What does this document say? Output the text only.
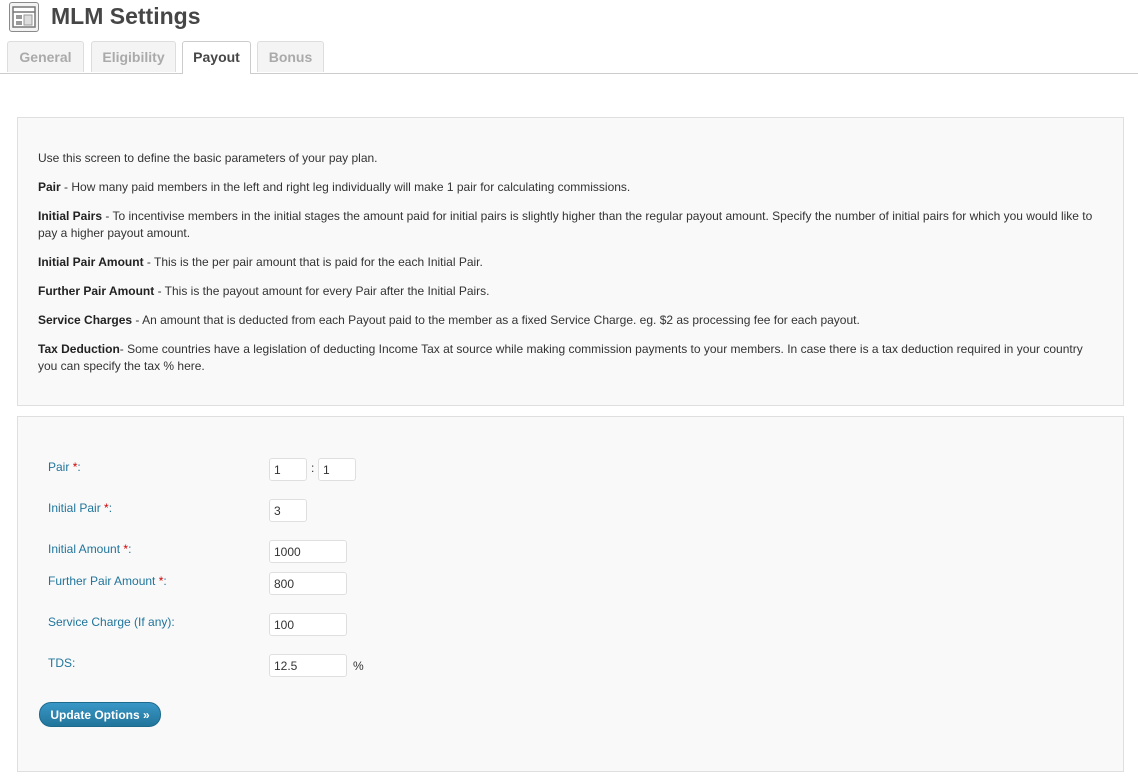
MLM Settings
General	Eligibility	Payout	Bonus

Use this screen to define the basic parameters of your pay plan.

Pair - How many paid members in the left and right leg individually will make 1 pair for calculating commissions.

Initial Pairs - To incentivise members in the initial stages the amount paid for initial pairs is slightly higher than the regular payout amount. Specify the number of initial pairs for which you would like to pay a higher payout amount.

Initial Pair Amount - This is the per pair amount that is paid for the each Initial Pair.

Further Pair Amount - This is the payout amount for every Pair after the Initial Pairs.

Service Charges - An amount that is deducted from each Payout paid to the member as a fixed Service Charge. eg. $2 as processing fee for each payout.

Tax Deduction- Some countries have a legislation of deducting Income Tax at source while making commission payments to your members. In case there is a tax deduction required in your country you can specify the tax % here.

Pair *:
1	:
1
Initial Pair *:
3
Initial Amount *:
1000
Further Pair Amount *:
800
Service Charge (If any):
100
TDS:
12.5	%
Update Options »
